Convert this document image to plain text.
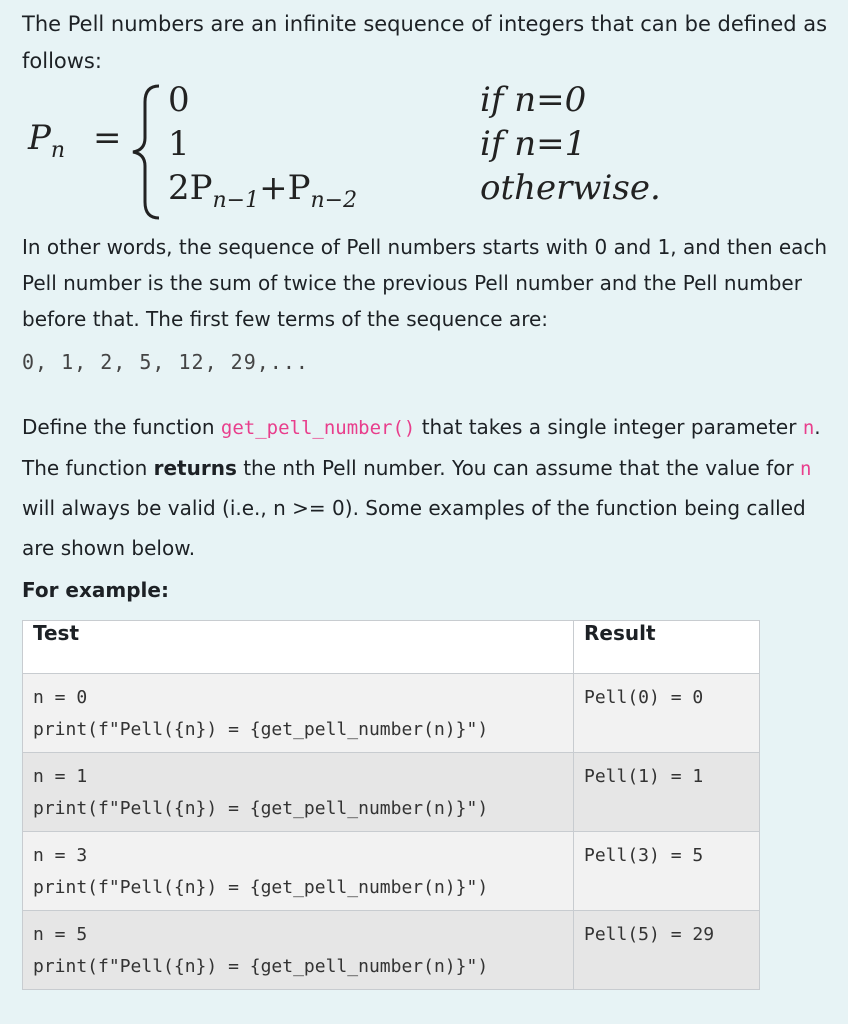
The Pell numbers are an infinite sequence of integers that can be defined as follows:

$P_n$ =
0	if n=0
1	if n=1
$2P_{n-1}+P_{n-2}$	otherwise.

In other words, the sequence of Pell numbers starts with 0 and 1, and then each Pell number is the sum of twice the previous Pell number and the Pell number before that. The first few terms of the sequence are:

0, 1, 2, 5, 12, 29,...

Define the function get_pell_number() that takes a single integer parameter n. The function returns the nth Pell number. You can assume that the value for n will always be valid (i.e., n >= 0). Some examples of the function being called are shown below.

For example:
Test	Result
n = 0
print(f"Pell({n}) = {get_pell_number(n)}")	Pell(0) = 0
n = 1
print(f"Pell({n}) = {get_pell_number(n)}")	Pell(1) = 1
n = 3
print(f"Pell({n}) = {get_pell_number(n)}")	Pell(3) = 5
n = 5
print(f"Pell({n}) = {get_pell_number(n)}")	Pell(5) = 29
